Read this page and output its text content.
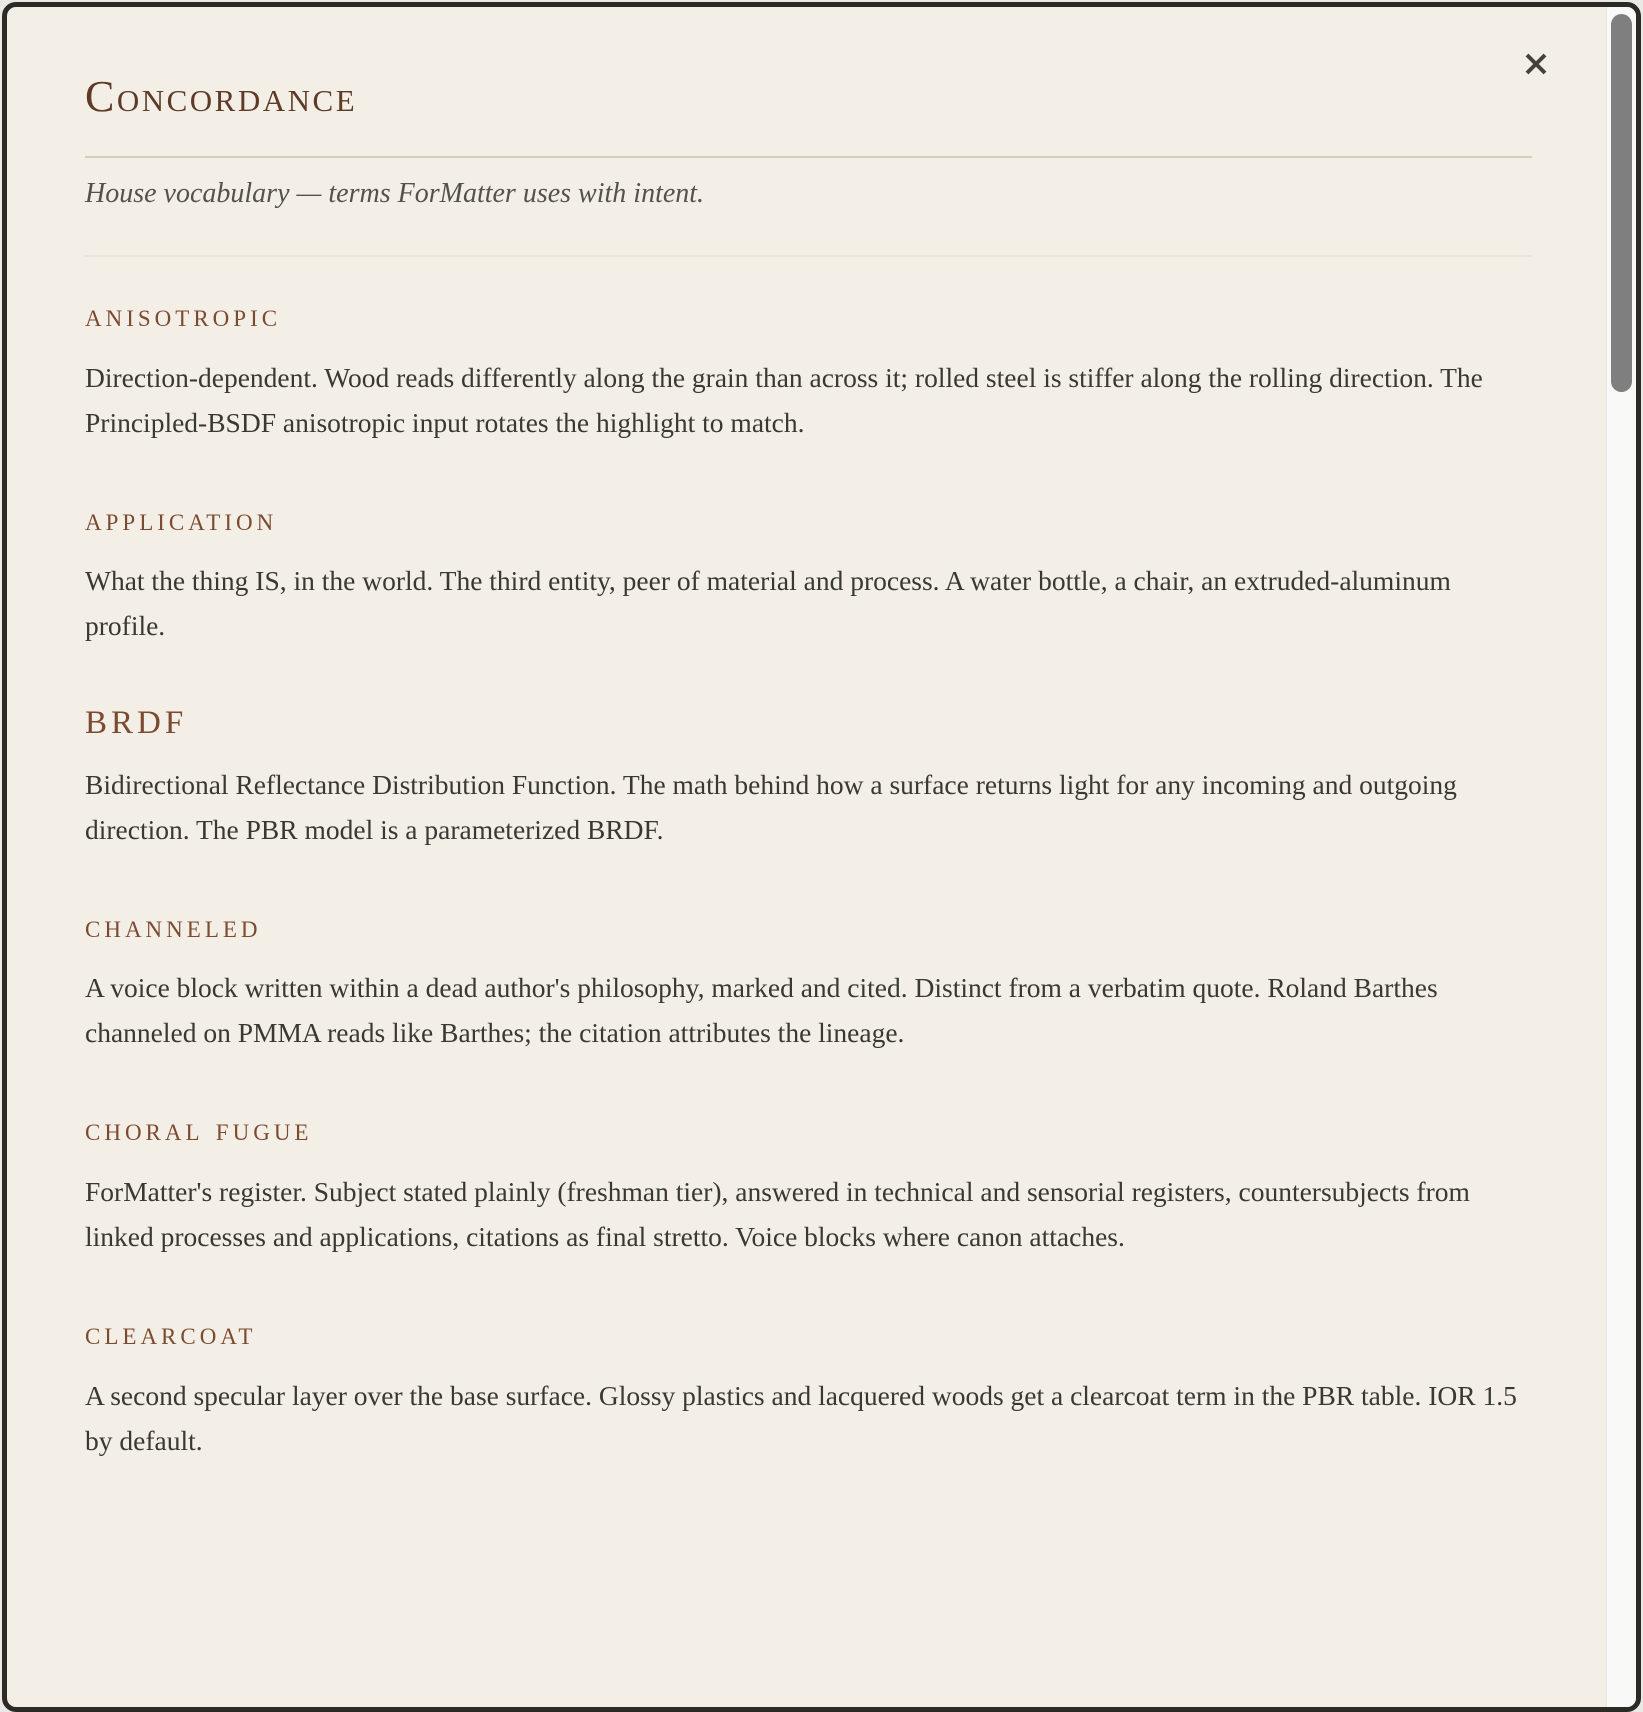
Concordance

House vocabulary — terms ForMatter uses with intent.

anisotropic

Direction-dependent. Wood reads differently along the grain than across it; rolled steel is stiffer along the rolling direction. The Principled-BSDF anisotropic input rotates the highlight to match.

application

What the thing IS, in the world. The third entity, peer of material and process. A water bottle, a chair, an extruded-aluminum profile.

BRDF

Bidirectional Reflectance Distribution Function. The math behind how a surface returns light for any incoming and outgoing direction. The PBR model is a parameterized BRDF.

channeled

A voice block written within a dead author's philosophy, marked and cited. Distinct from a verbatim quote. Roland Barthes channeled on PMMA reads like Barthes; the citation attributes the lineage.

choral fugue

ForMatter's register. Subject stated plainly (freshman tier), answered in technical and sensorial registers, countersubjects from linked processes and applications, citations as final stretto. Voice blocks where canon attaches.

clearcoat

A second specular layer over the base surface. Glossy plastics and lacquered woods get a clearcoat term in the PBR table. IOR 1.5 by default.
